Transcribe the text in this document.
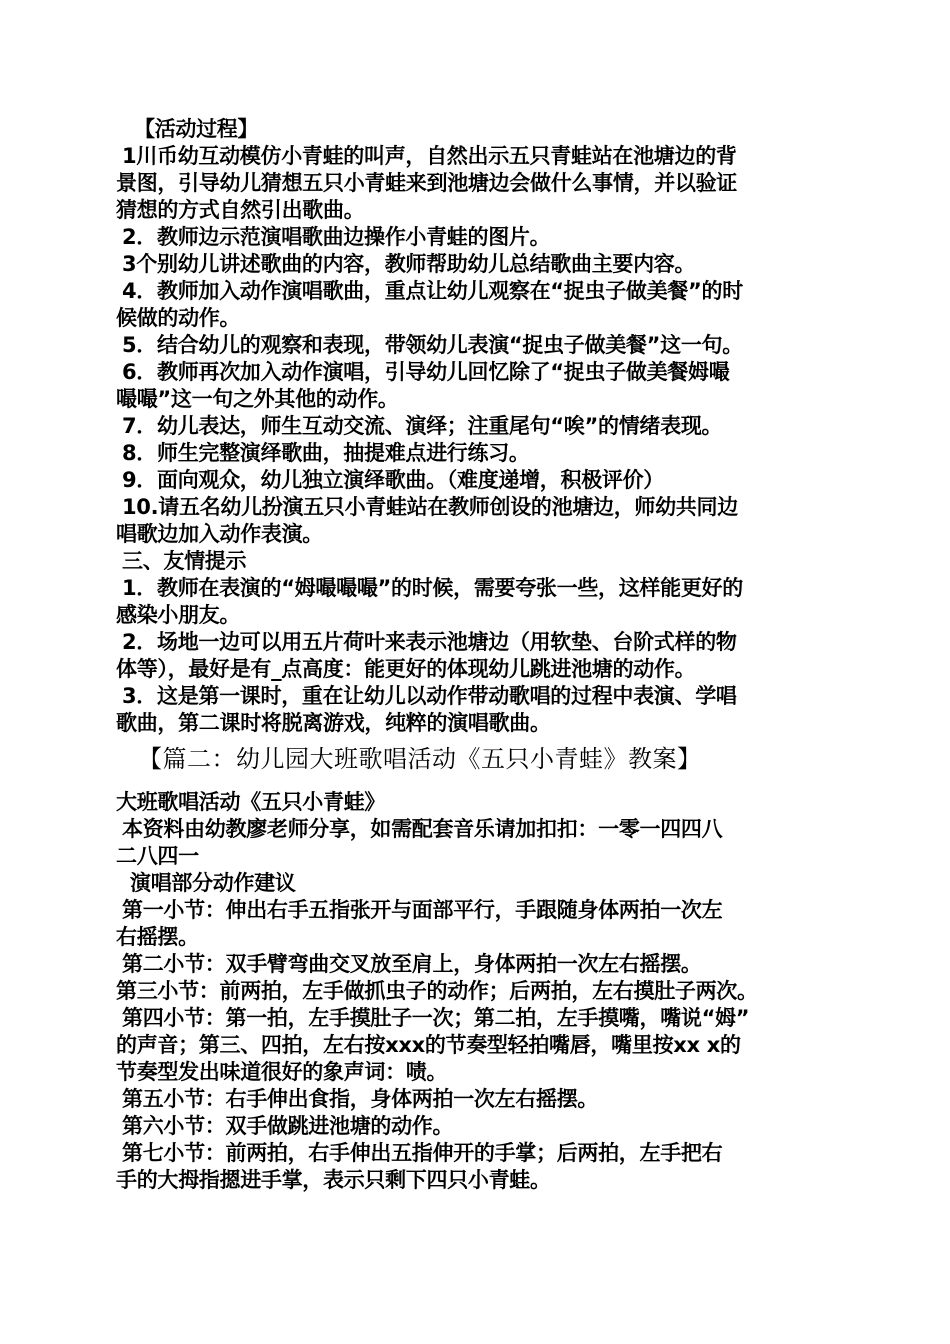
【活动过程】
1川币幼互动模仿小青蛙的叫声，自然出示五只青蛙站在池塘边的背
景图，引导幼儿猜想五只小青蛙来到池塘边会做什么事情，并以验证
猜想的方式自然引出歌曲。
2．教师边示范演唱歌曲边操作小青蛙的图片。
3个别幼儿讲述歌曲的内容，教师帮助幼儿总结歌曲主要内容。
4．教师加入动作演唱歌曲，重点让幼儿观察在“捉虫子做美餐”的时
候做的动作。
5．结合幼儿的观察和表现，带领幼儿表演“捉虫子做美餐”这一句。
6．教师再次加入动作演唱，引导幼儿回忆除了“捉虫子做美餐姆嘬
嘬嘬”这一句之外其他的动作。
7．幼儿表达，师生互动交流、演绎；注重尾句“唉”的情绪表现。
8．师生完整演绎歌曲，抽提难点进行练习。
9．面向观众，幼儿独立演绎歌曲。（难度递增，积极评价）
10.请五名幼儿扮演五只小青蛙站在教师创设的池塘边，师幼共同边
唱歌边加入动作表演。
三、友情提示
1．教师在表演的“姆嘬嘬嘬”的时候，需要夸张一些，这样能更好的
感染小朋友。
2．场地一边可以用五片荷叶来表示池塘边（用软垫、台阶式样的物
体等），最好是有_点高度：能更好的体现幼儿跳进池塘的动作。
3．这是第一课时，重在让幼儿以动作带动歌唱的过程中表演、学唱
歌曲，第二课时将脱离游戏，纯粹的演唱歌曲。
【篇二：幼儿园大班歌唱活动《五只小青蛙》教案】
大班歌唱活动《五只小青蛙》
本资料由幼教廖老师分享，如需配套音乐请加扣扣：一零一四四八
二八四一
演唱部分动作建议
第一小节：伸出右手五指张开与面部平行，手跟随身体两拍一次左
右摇摆。
第二小节：双手臂弯曲交叉放至肩上，身体两拍一次左右摇摆。
第三小节：前两拍，左手做抓虫子的动作；后两拍，左右摸肚子两次。
第四小节：第一拍，左手摸肚子一次；第二拍，左手摸嘴，嘴说“姆”
的声音；第三、四拍，左右按xxx的节奏型轻拍嘴唇，嘴里按xx x的
节奏型发出味道很好的象声词：啧。
第五小节：右手伸出食指，身体两拍一次左右摇摆。
第六小节：双手做跳进池塘的动作。
第七小节：前两拍，右手伸出五指伸开的手掌；后两拍，左手把右
手的大拇指摁进手掌，表示只剩下四只小青蛙。
